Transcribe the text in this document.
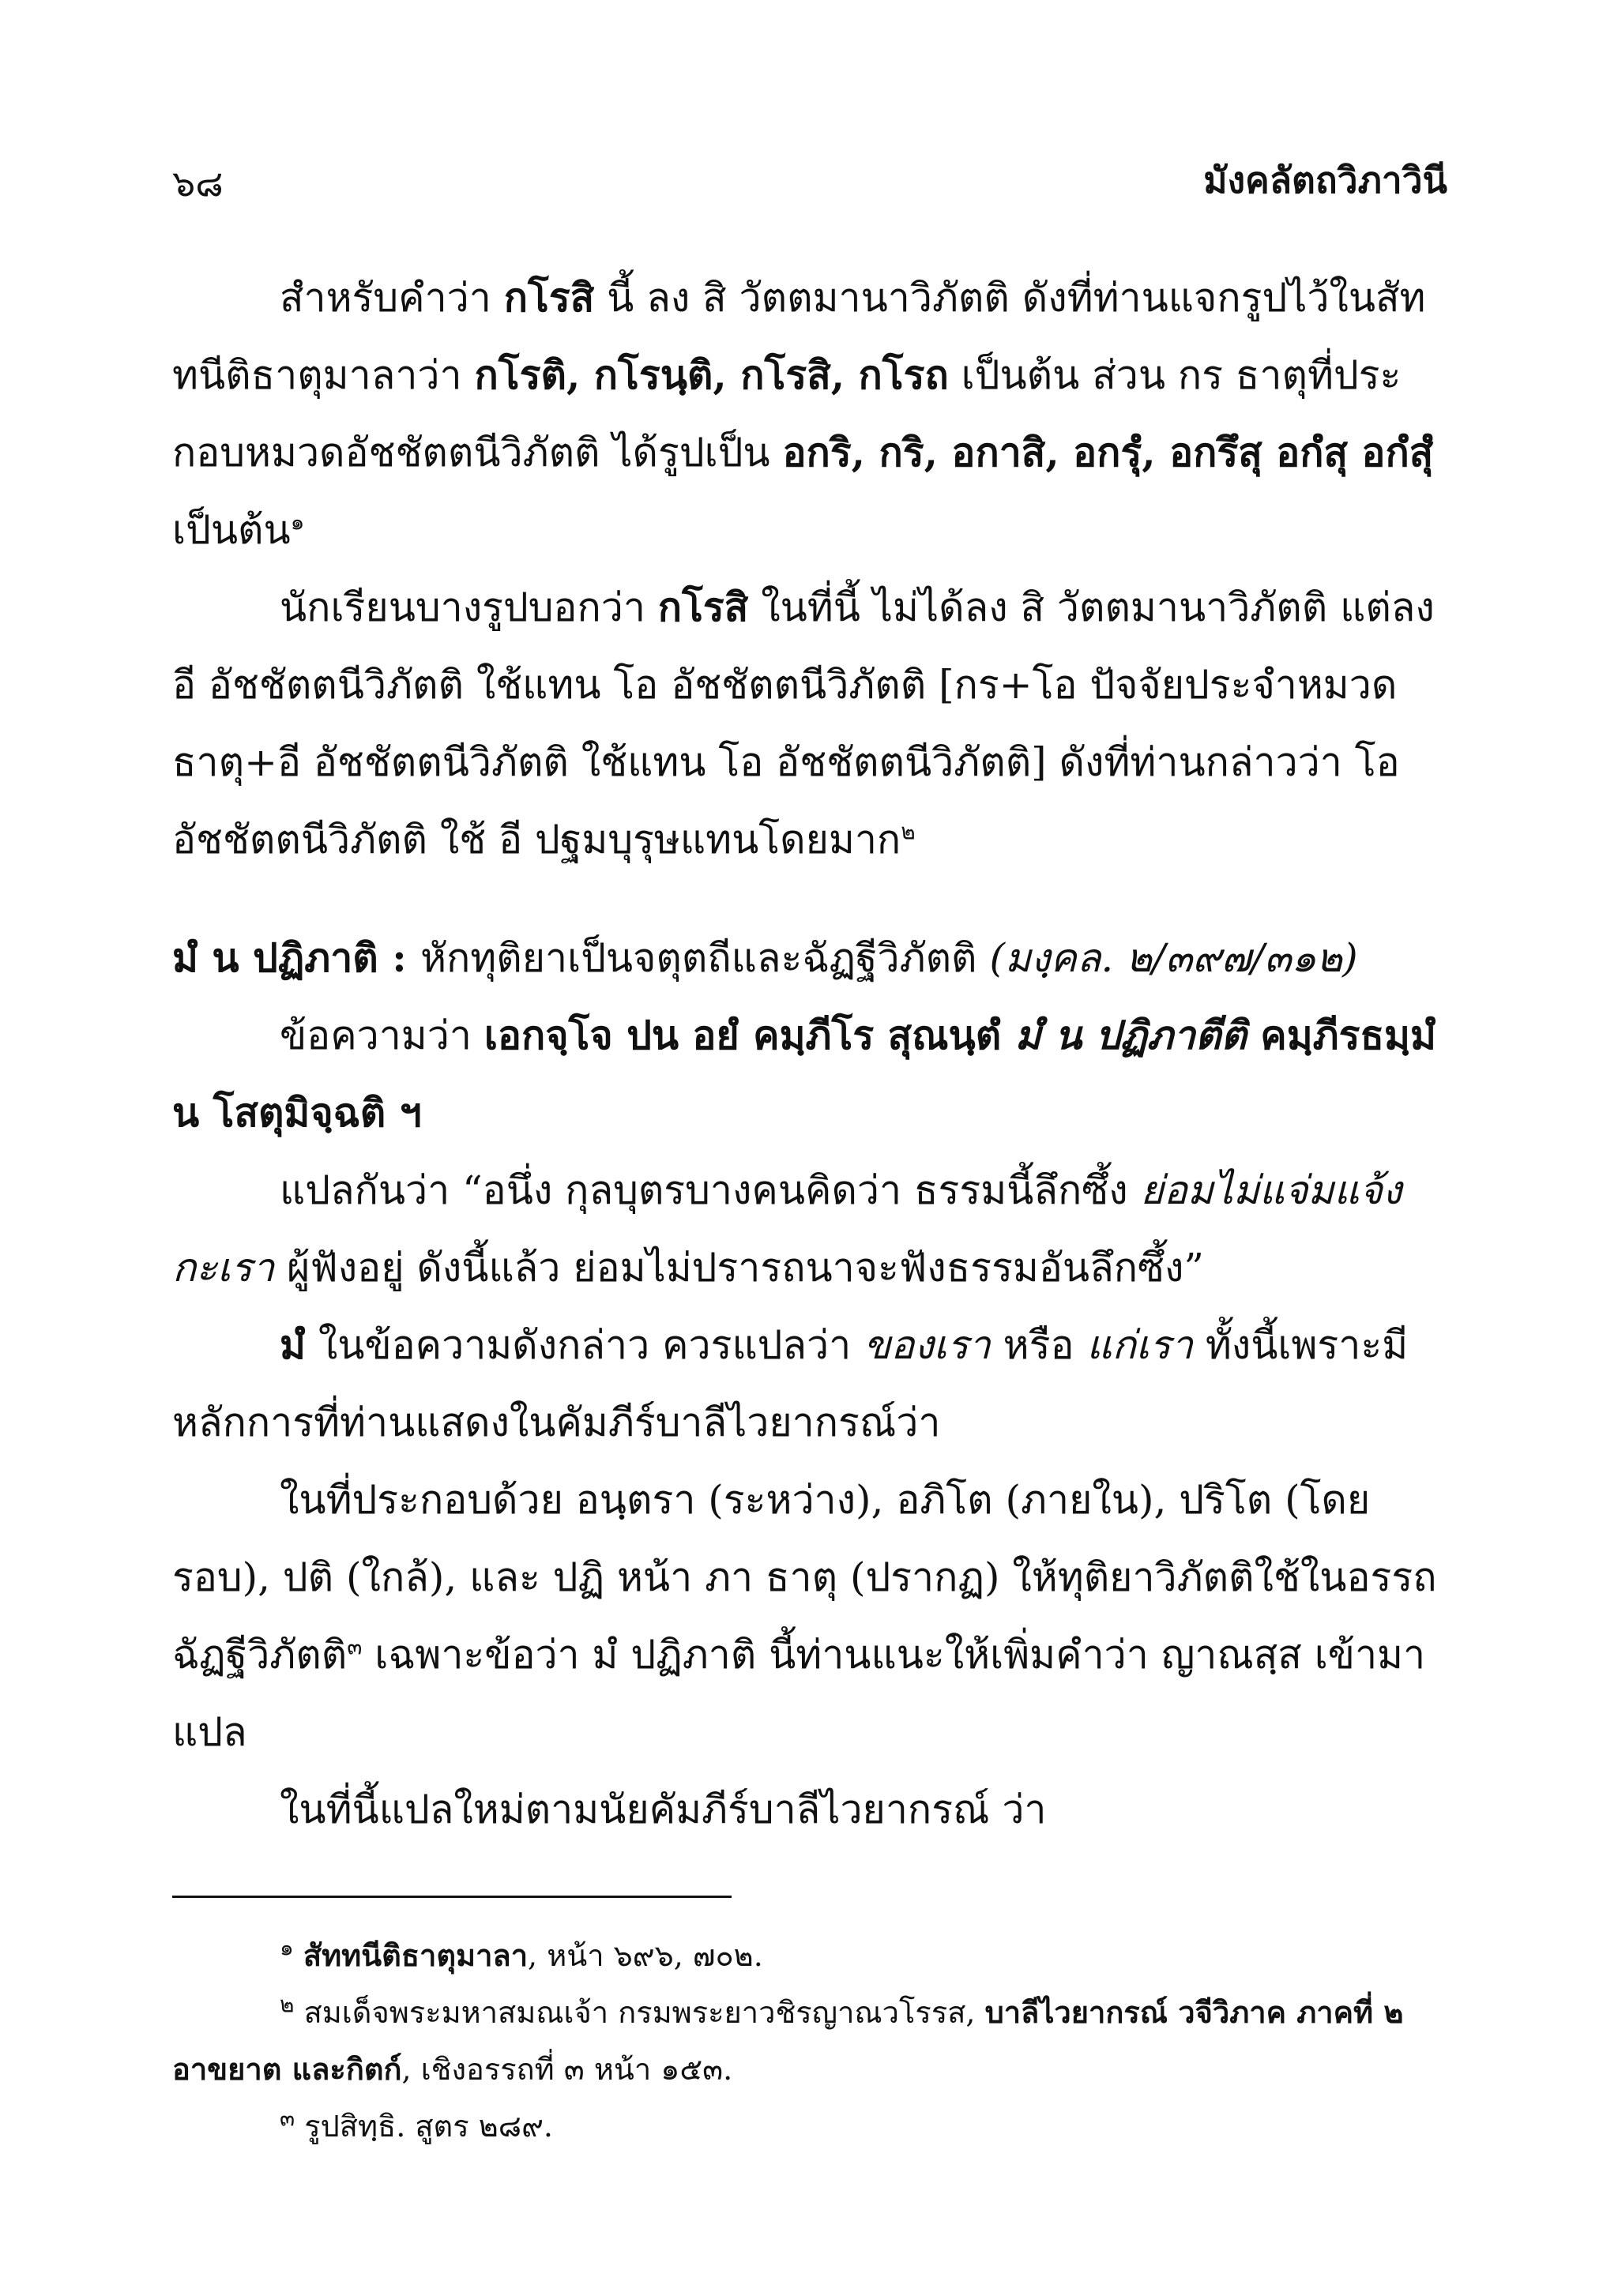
๖๘	มังคลัตถวิภาวินี

สำหรับคำว่า กโรสิ นี้ ลง สิ วัตตมานาวิภัตติ ดังที่ท่านแจกรูปไว้ในสัททนีติธาตุมาลาว่า กโรติ, กโรนฺติ, กโรสิ, กโรถ เป็นต้น ส่วน กร ธาตุที่ประกอบหมวดอัชชัตตนีวิภัตติ ได้รูปเป็น อกริ, กริ, อกาสิ, อกรุํ, อกรึสุ อกํสุ อกํสุํ เป็นต้น$^๑$

นักเรียนบางรูปบอกว่า กโรสิ ในที่นี้ ไม่ได้ลง สิ วัตตมานาวิภัตติ แต่ลง อี อัชชัตตนีวิภัตติ ใช้แทน โอ อัชชัตตนีวิภัตติ [กร+โอ ปัจจัยประจำหมวดธาตุ+อี อัชชัตตนีวิภัตติ ใช้แทน โอ อัชชัตตนีวิภัตติ] ดังที่ท่านกล่าวว่า โอ อัชชัตตนีวิภัตติ ใช้ อี ปฐมบุรุษแทนโดยมาก$^๒$

มํ น ปฏิภาติ : หักทุติยาเป็นจตุตถีและฉัฏฐีวิภัตติ (มงฺคล. ๒/๓๙๗/๓๑๒)

ข้อความว่า เอกจฺโจ ปน อยํ คมฺภีโร สุณนฺตํ มํ น ปฏิภาตีติ คมฺภีรธมฺมํ น โสตุมิจฺฉติ ฯ

แปลกันว่า “อนึ่ง กุลบุตรบางคนคิดว่า ธรรมนี้ลึกซึ้ง ย่อมไม่แจ่มแจ้งกะเรา ผู้ฟังอยู่ ดังนี้แล้ว ย่อมไม่ปรารถนาจะฟังธรรมอันลึกซึ้ง”

มํ ในข้อความดังกล่าว ควรแปลว่า ของเรา หรือ แก่เรา ทั้งนี้เพราะมีหลักการที่ท่านแสดงในคัมภีร์บาลีไวยากรณ์ว่า

ในที่ประกอบด้วย อนฺตรา (ระหว่าง), อภิโต (ภายใน), ปริโต (โดยรอบ), ปติ (ใกล้), และ ปฏิ หน้า ภา ธาตุ (ปรากฏ) ให้ทุติยาวิภัตติใช้ในอรรถฉัฏฐีวิภัตติ$^๓$ เฉพาะข้อว่า มํ ปฏิภาติ นี้ท่านแนะให้เพิ่มคำว่า ญาณสฺส เข้ามาแปล

ในที่นี้แปลใหม่ตามนัยคัมภีร์บาลีไวยากรณ์ ว่า

$^๑$ สัททนีติธาตุมาลา, หน้า ๖๙๖, ๗๐๒.

$^๒$ สมเด็จพระมหาสมณเจ้า กรมพระยาวชิรญาณวโรรส, บาลีไวยากรณ์ วจีวิภาค ภาคที่ ๒ อาขยาต และกิตก์, เชิงอรรถที่ ๓ หน้า ๑๕๓.

$^๓$ รูปสิทฺธิ. สูตร ๒๘๙.
